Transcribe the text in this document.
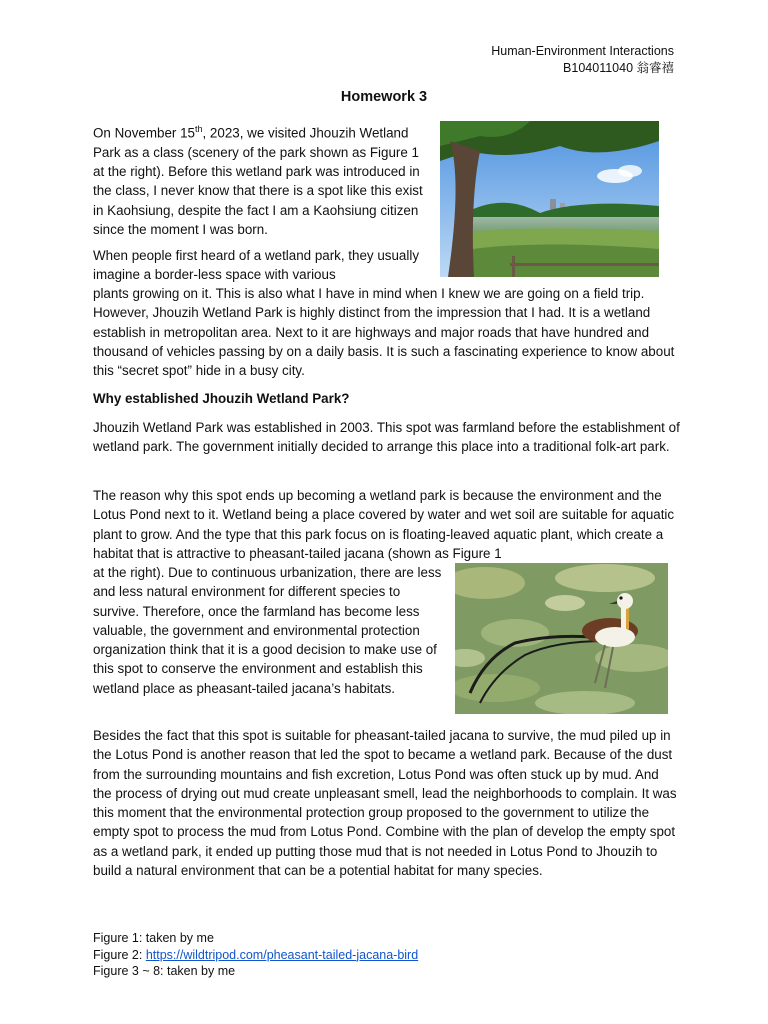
Human-Environment Interactions
B104011040 翁睿禧
Homework 3

On November 15th, 2023, we visited Jhouzih Wetland Park as a class (scenery of the park shown as Figure 1 at the right). Before this wetland park was introduced in the class, I never know that there is a spot like this exist in Kaohsiung, despite the fact I am a Kaohsiung citizen since the moment I was born.

When people first heard of a wetland park, they usually imagine a border-less space with various

plants growing on it. This is also what I have in mind when I knew we are going on a field trip. However, Jhouzih Wetland Park is highly distinct from the impression that I had. It is a wetland establish in metropolitan area. Next to it are highways and major roads that have hundred and thousand of vehicles passing by on a daily basis. It is such a fascinating experience to know about this “secret spot” hide in a busy city.

Why established Jhouzih Wetland Park?

Jhouzih Wetland Park was established in 2003. This spot was farmland before the establishment of wetland park. The government initially decided to arrange this place into a traditional folk-art park.

The reason why this spot ends up becoming a wetland park is because the environment and the Lotus Pond next to it. Wetland being a place covered by water and wet soil are suitable for aquatic plant to grow. And the type that this park focus on is floating-leaved aquatic plant, which create a habitat that is attractive to pheasant-tailed jacana (shown as Figure 1

at the right). Due to continuous urbanization, there are less and less natural environment for different species to survive. Therefore, once the farmland has become less valuable, the government and environmental protection organization think that it is a good decision to make use of this spot to conserve the environment and establish this wetland place as pheasant-tailed jacana’s habitats.

Besides the fact that this spot is suitable for pheasant-tailed jacana to survive, the mud piled up in the Lotus Pond is another reason that led the spot to became a wetland park. Because of the dust from the surrounding mountains and fish excretion, Lotus Pond was often stuck up by mud. And the process of drying out mud create unpleasant smell, lead the neighborhoods to complain. It was this moment that the environmental protection group proposed to the government to utilize the empty spot to process the mud from Lotus Pond. Combine with the plan of develop the empty spot as a wetland park, it ended up putting those mud that is not needed in Lotus Pond to Jhouzih to build a natural environment that can be a potential habitat for many species.

Figure 1: taken by me
Figure 2: https://wildtripod.com/pheasant-tailed-jacana-bird
Figure 3 ~ 8: taken by me
